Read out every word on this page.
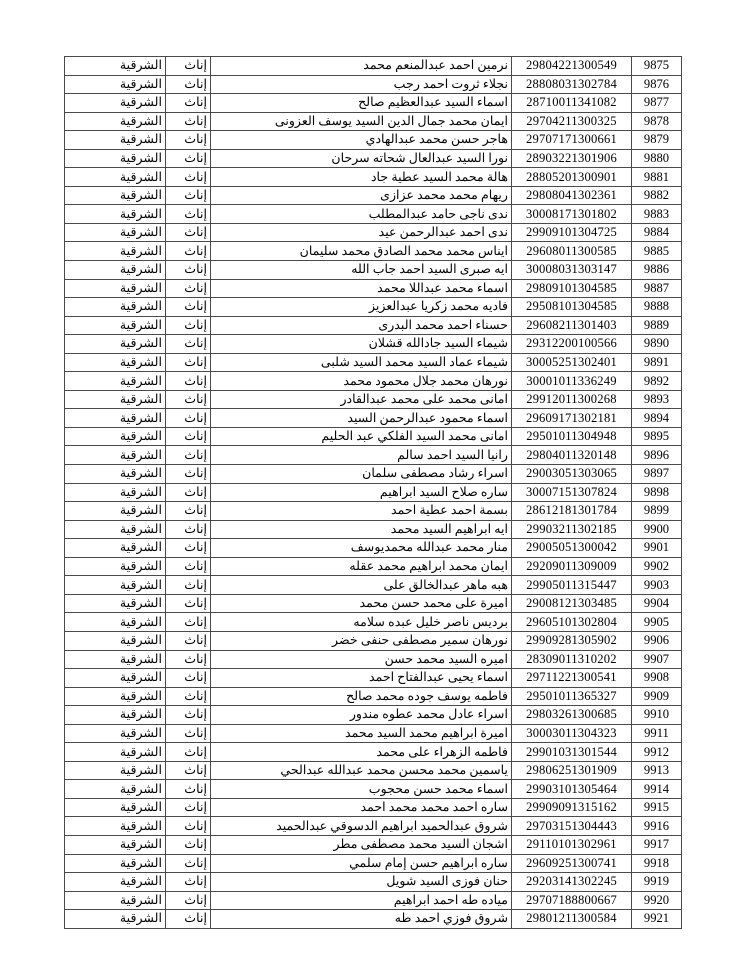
الشرقية	إناث	نرمين احمد عبدالمنعم محمد	29804221300549	9875
الشرقية	إناث	نجلاء ثروت احمد رجب	28808031302784	9876
الشرقية	إناث	اسماء السيد عبدالعظيم صالح	28710011341082	9877
الشرقية	إناث	ايمان محمد جمال الدين السيد يوسف العزونى	29704211300325	9878
الشرقية	إناث	هاجر حسن محمد عبدالهادي	29707171300661	9879
الشرقية	إناث	نورا السيد عبدالعال شحاته سرحان	28903221301906	9880
الشرقية	إناث	هالة محمد السيد عطية جاد	28805201300901	9881
الشرقية	إناث	ريهام محمد محمد عزازى	29808041302361	9882
الشرقية	إناث	ندى ناجى حامد عبدالمطلب	30008171301802	9883
الشرقية	إناث	ندى احمد عبدالرحمن عيد	29909101304725	9884
الشرقية	إناث	ايناس محمد محمد الصادق محمد سليمان	29608011300585	9885
الشرقية	إناث	ايه صبرى السيد احمد جاب الله	30008031303147	9886
الشرقية	إناث	اسماء محمد عبداللا محمد	29809101304585	9887
الشرقية	إناث	فاديه محمد زكريا عبدالعزيز	29508101304585	9888
الشرقية	إناث	حسناء احمد محمد البدرى	29608211301403	9889
الشرقية	إناث	شيماء السيد جادالله قشلان	29312200100566	9890
الشرقية	إناث	شيماء عماد السيد محمد السيد شلبى	30005251302401	9891
الشرقية	إناث	نورهان محمد جلال محمود محمد	30001011336249	9892
الشرقية	إناث	امانى محمد على محمد عبدالقادر	29912011300268	9893
الشرقية	إناث	اسماء محمود عبدالرحمن السيد	29609171302181	9894
الشرقية	إناث	امانى محمد السيد الفلكي عبد الحليم	29501011304948	9895
الشرقية	إناث	رانيا السيد احمد سالم	29804011320148	9896
الشرقية	إناث	اسراء رشاد مصطفى سلمان	29003051303065	9897
الشرقية	إناث	ساره صلاح السيد ابراهيم	30007151307824	9898
الشرقية	إناث	بسمة احمد عطية احمد	28612181301784	9899
الشرقية	إناث	ايه ابراهيم السيد محمد	29903211302185	9900
الشرقية	إناث	منار محمد عبدالله محمديوسف	29005051300042	9901
الشرقية	إناث	ايمان محمد ابراهيم محمد عقله	29209011309009	9902
الشرقية	إناث	هبه ماهر عبدالخالق على	29905011315447	9903
الشرقية	إناث	اميرة على محمد حسن محمد	29008121303485	9904
الشرقية	إناث	برديس ناصر خليل عبده سلامه	29605101302804	9905
الشرقية	إناث	نورهان سمير مصطفى حنفى خضر	29909281305902	9906
الشرقية	إناث	اميره السيد محمد حسن	28309011310202	9907
الشرقية	إناث	اسماء يحيى عبدالفتاح احمد	29711221300541	9908
الشرقية	إناث	فاطمه يوسف جوده محمد صالح	29501011365327	9909
الشرقية	إناث	اسراء عادل محمد عطوه مندور	29803261300685	9910
الشرقية	إناث	اميرة ابراهيم محمد السيد محمد	30003011304323	9911
الشرقية	إناث	فاطمه الزهراء على محمد	29901031301544	9912
الشرقية	إناث	ياسمين محمد محسن محمد عبدالله عبدالحي	29806251301909	9913
الشرقية	إناث	اسماء محمد حسن محجوب	29903101305464	9914
الشرقية	إناث	ساره احمد محمد محمد احمد	29909091315162	9915
الشرقية	إناث	شروق عبدالحميد ابراهيم الدسوقي عبدالحميد	29703151304443	9916
الشرقية	إناث	اشجان السيد محمد مصطفى مطر	29110101302961	9917
الشرقية	إناث	ساره ابراهيم حسن إمام سلمي	29609251300741	9918
الشرقية	إناث	حنان فوزى السيد شويل	29203141302245	9919
الشرقية	إناث	مياده طه احمد ابراهيم	29707188800667	9920
الشرقية	إناث	شروق فوزي احمد طه	29801211300584	9921
